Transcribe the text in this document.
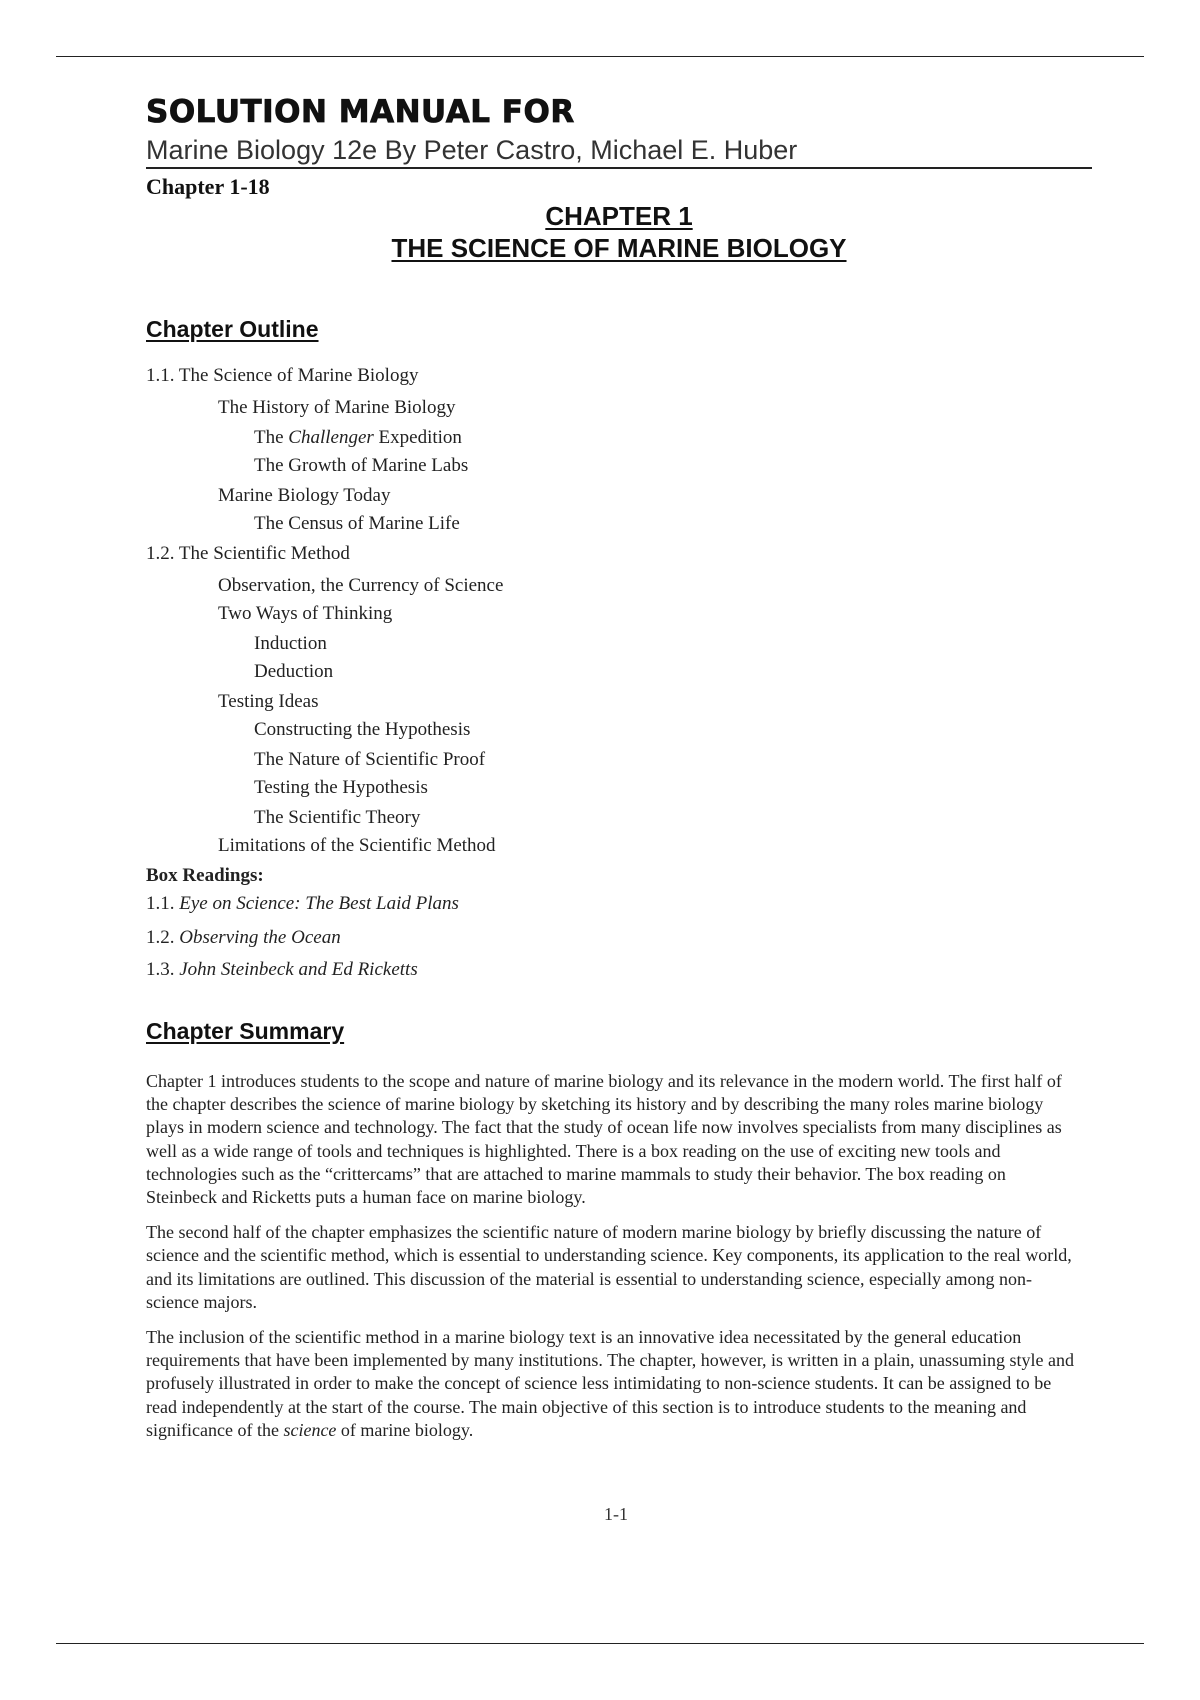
SOLUTION MANUAL FOR
Marine Biology 12e By Peter Castro, Michael E. Huber
Chapter 1-18
CHAPTER 1
THE SCIENCE OF MARINE BIOLOGY
Chapter Outline
1.1. The Science of Marine Biology
The History of Marine Biology
The Challenger Expedition
The Growth of Marine Labs
Marine Biology Today
The Census of Marine Life
1.2. The Scientific Method
Observation, the Currency of Science
Two Ways of Thinking
Induction
Deduction
Testing Ideas
Constructing the Hypothesis
The Nature of Scientific Proof
Testing the Hypothesis
The Scientific Theory
Limitations of the Scientific Method
Box Readings:
1.1. Eye on Science: The Best Laid Plans
1.2. Observing the Ocean
1.3. John Steinbeck and Ed Ricketts
Chapter Summary

Chapter 1 introduces students to the scope and nature of marine biology and its relevance in the modern world. The first half of the chapter describes the science of marine biology by sketching its history and by describing the many roles marine biology plays in modern science and technology. The fact that the study of ocean life now involves specialists from many disciplines as well as a wide range of tools and techniques is highlighted. There is a box reading on the use of exciting new tools and technologies such as the “crittercams” that are attached to marine mammals to study their behavior. The box reading on Steinbeck and Ricketts puts a human face on marine biology.

The second half of the chapter emphasizes the scientific nature of modern marine biology by briefly discussing the nature of science and the scientific method, which is essential to understanding science. Key components, its application to the real world, and its limitations are outlined. This discussion of the material is essential to understanding science, especially among non-science majors.

The inclusion of the scientific method in a marine biology text is an innovative idea necessitated by the general education requirements that have been implemented by many institutions. The chapter, however, is written in a plain, unassuming style and profusely illustrated in order to make the concept of science less intimidating to non-science students. It can be assigned to be read independently at the start of the course. The main objective of this section is to introduce students to the meaning and significance of the science of marine biology.

1-1
